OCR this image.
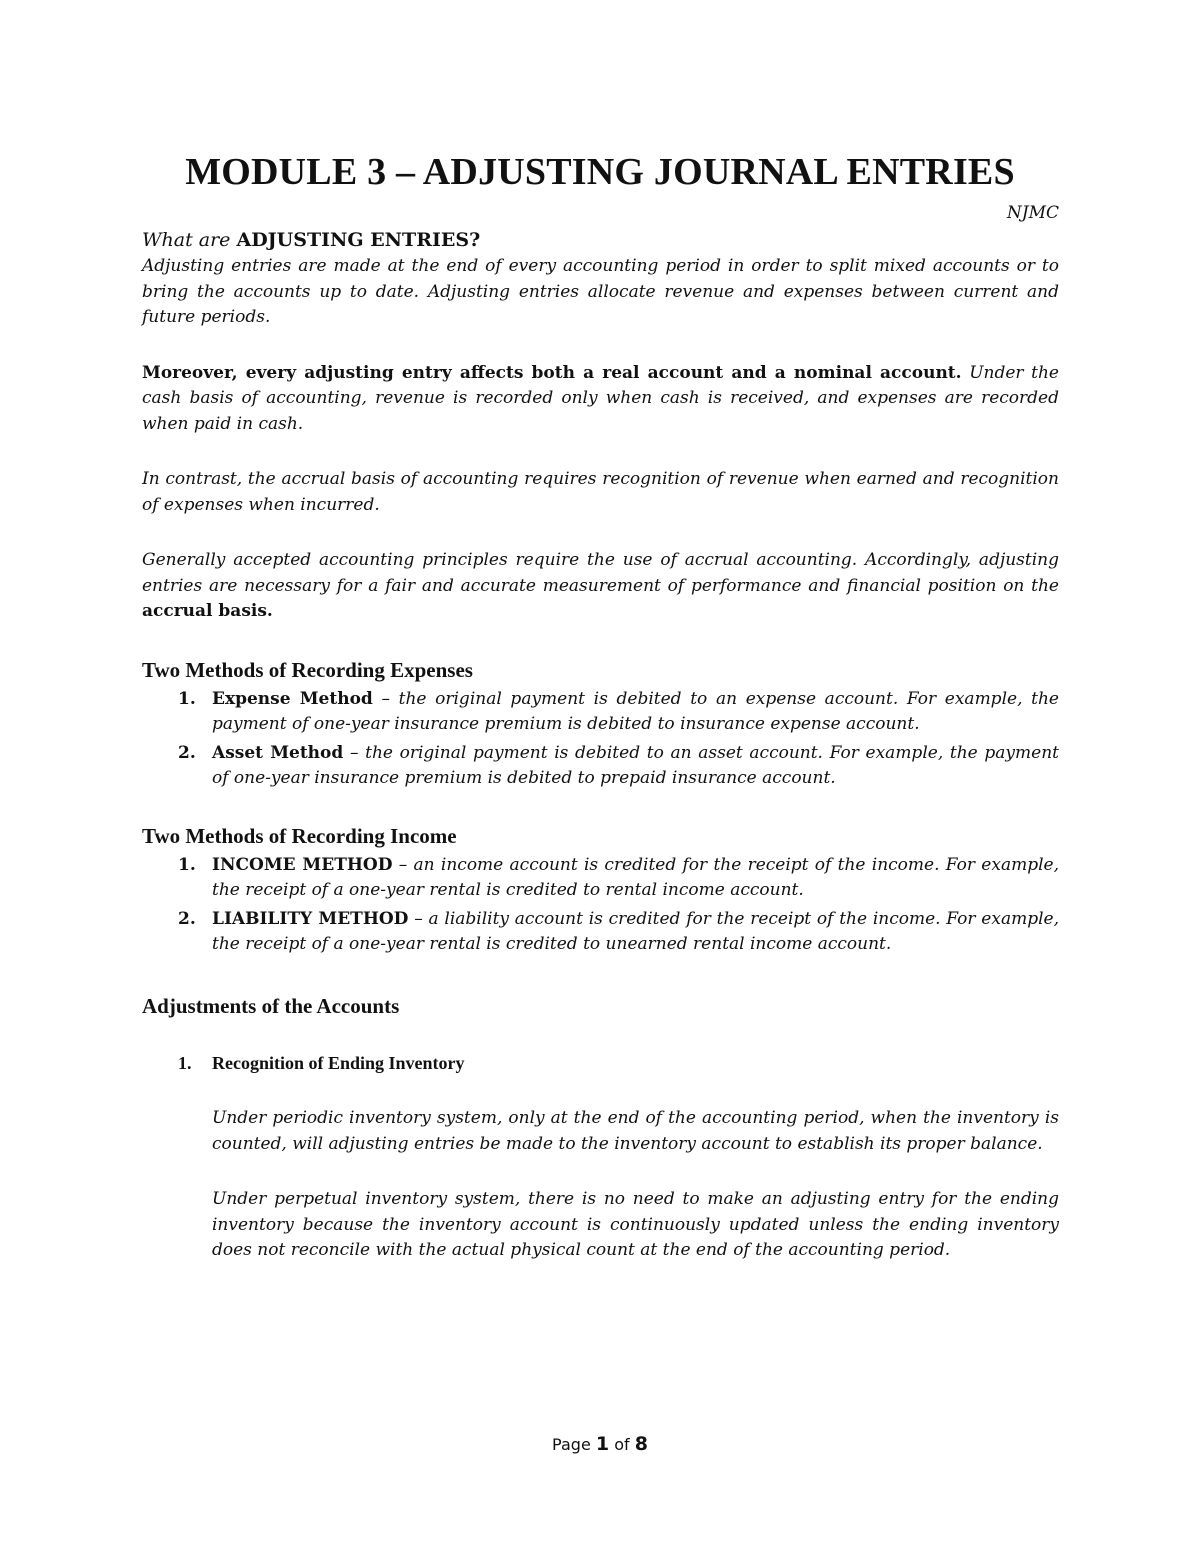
MODULE 3 – ADJUSTING JOURNAL ENTRIES

NJMC

What are ADJUSTING ENTRIES?

Adjusting entries are made at the end of every accounting period in order to split mixed accounts or to bring the accounts up to date. Adjusting entries allocate revenue and expenses between current and future periods.

Moreover, every adjusting entry affects both a real account and a nominal account. Under the cash basis of accounting, revenue is recorded only when cash is received, and expenses are recorded when paid in cash.

In contrast, the accrual basis of accounting requires recognition of revenue when earned and recognition of expenses when incurred.

Generally accepted accounting principles require the use of accrual accounting. Accordingly, adjusting entries are necessary for a fair and accurate measurement of performance and financial position on the accrual basis.

Two Methods of Recording Expenses
1. Expense Method – the original payment is debited to an expense account. For example, the payment of one-year insurance premium is debited to insurance expense account.
2. Asset Method – the original payment is debited to an asset account. For example, the payment of one-year insurance premium is debited to prepaid insurance account.
Two Methods of Recording Income
1. INCOME METHOD – an income account is credited for the receipt of the income. For example, the receipt of a one-year rental is credited to rental income account.
2. LIABILITY METHOD – a liability account is credited for the receipt of the income. For example, the receipt of a one-year rental is credited to unearned rental income account.
Adjustments of the Accounts

1. Recognition of Ending Inventory

Under periodic inventory system, only at the end of the accounting period, when the inventory is counted, will adjusting entries be made to the inventory account to establish its proper balance.

Under perpetual inventory system, there is no need to make an adjusting entry for the ending inventory because the inventory account is continuously updated unless the ending inventory does not reconcile with the actual physical count at the end of the accounting period.

Page 1 of 8
